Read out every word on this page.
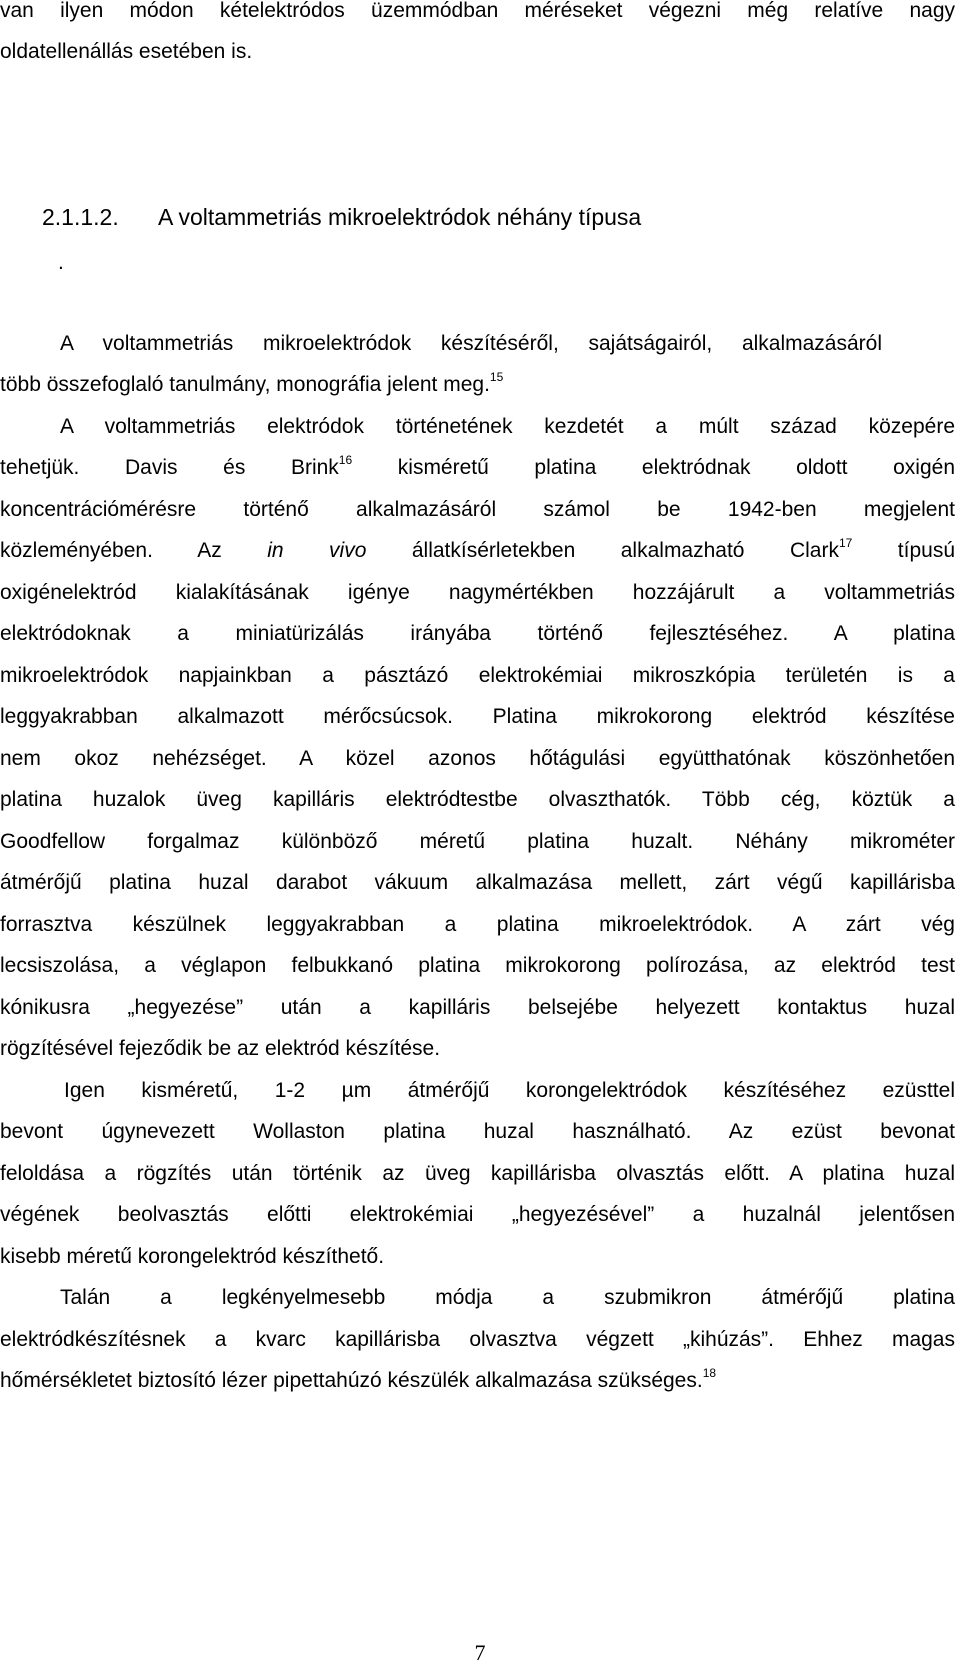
van ilyen módon kételektródos üzemmódban méréseket végezni még relatíve nagy
oldatellenállás esetében is.
2.1.1.2. A voltammetriás mikroelektródok néhány típusa
.
A voltammetriás mikroelektródok készítéséről, sajátságairól, alkalmazásáról
több összefoglaló tanulmány, monográfia jelent meg.$^{15}$
A voltammetriás elektródok történetének kezdetét a múlt század közepére
tehetjük. Davis és Brink$^{16}$ kisméretű platina elektródnak oldott oxigén
koncentrációmérésre történő alkalmazásáról számol be 1942-ben megjelent
közleményében. Az in vivo állatkísérletekben alkalmazható Clark$^{17}$ típusú
oxigénelektród kialakításának igénye nagymértékben hozzájárult a voltammetriás
elektródoknak a miniatürizálás irányába történő fejlesztéséhez. A platina
mikroelektródok napjainkban a pásztázó elektrokémiai mikroszkópia területén is a
leggyakrabban alkalmazott mérőcsúcsok. Platina mikrokorong elektród készítése
nem okoz nehézséget. A közel azonos hőtágulási együtthatónak köszönhetően
platina huzalok üveg kapilláris elektródtestbe olvaszthatók. Több cég, köztük a
Goodfellow forgalmaz különböző méretű platina huzalt. Néhány mikrométer
átmérőjű platina huzal darabot vákuum alkalmazása mellett, zárt végű kapillárisba
forrasztva készülnek leggyakrabban a platina mikroelektródok. A zárt vég
lecsiszolása, a véglapon felbukkanó platina mikrokorong polírozása, az elektród test
kónikusra „hegyezése” után a kapilláris belsejébe helyezett kontaktus huzal
rögzítésével fejeződik be az elektród készítése.
Igen kisméretű, 1-2 µm átmérőjű korongelektródok készítéséhez ezüsttel
bevont úgynevezett Wollaston platina huzal használható. Az ezüst bevonat
feloldása a rögzítés után történik az üveg kapillárisba olvasztás előtt. A platina huzal
végének beolvasztás előtti elektrokémiai „hegyezésével” a huzalnál jelentősen
kisebb méretű korongelektród készíthető.
Talán a legkényelmesebb módja a szubmikron átmérőjű platina
elektródkészítésnek a kvarc kapillárisba olvasztva végzett „kihúzás”. Ehhez magas
hőmérsékletet biztosító lézer pipettahúzó készülék alkalmazása szükséges.$^{18}$
7
